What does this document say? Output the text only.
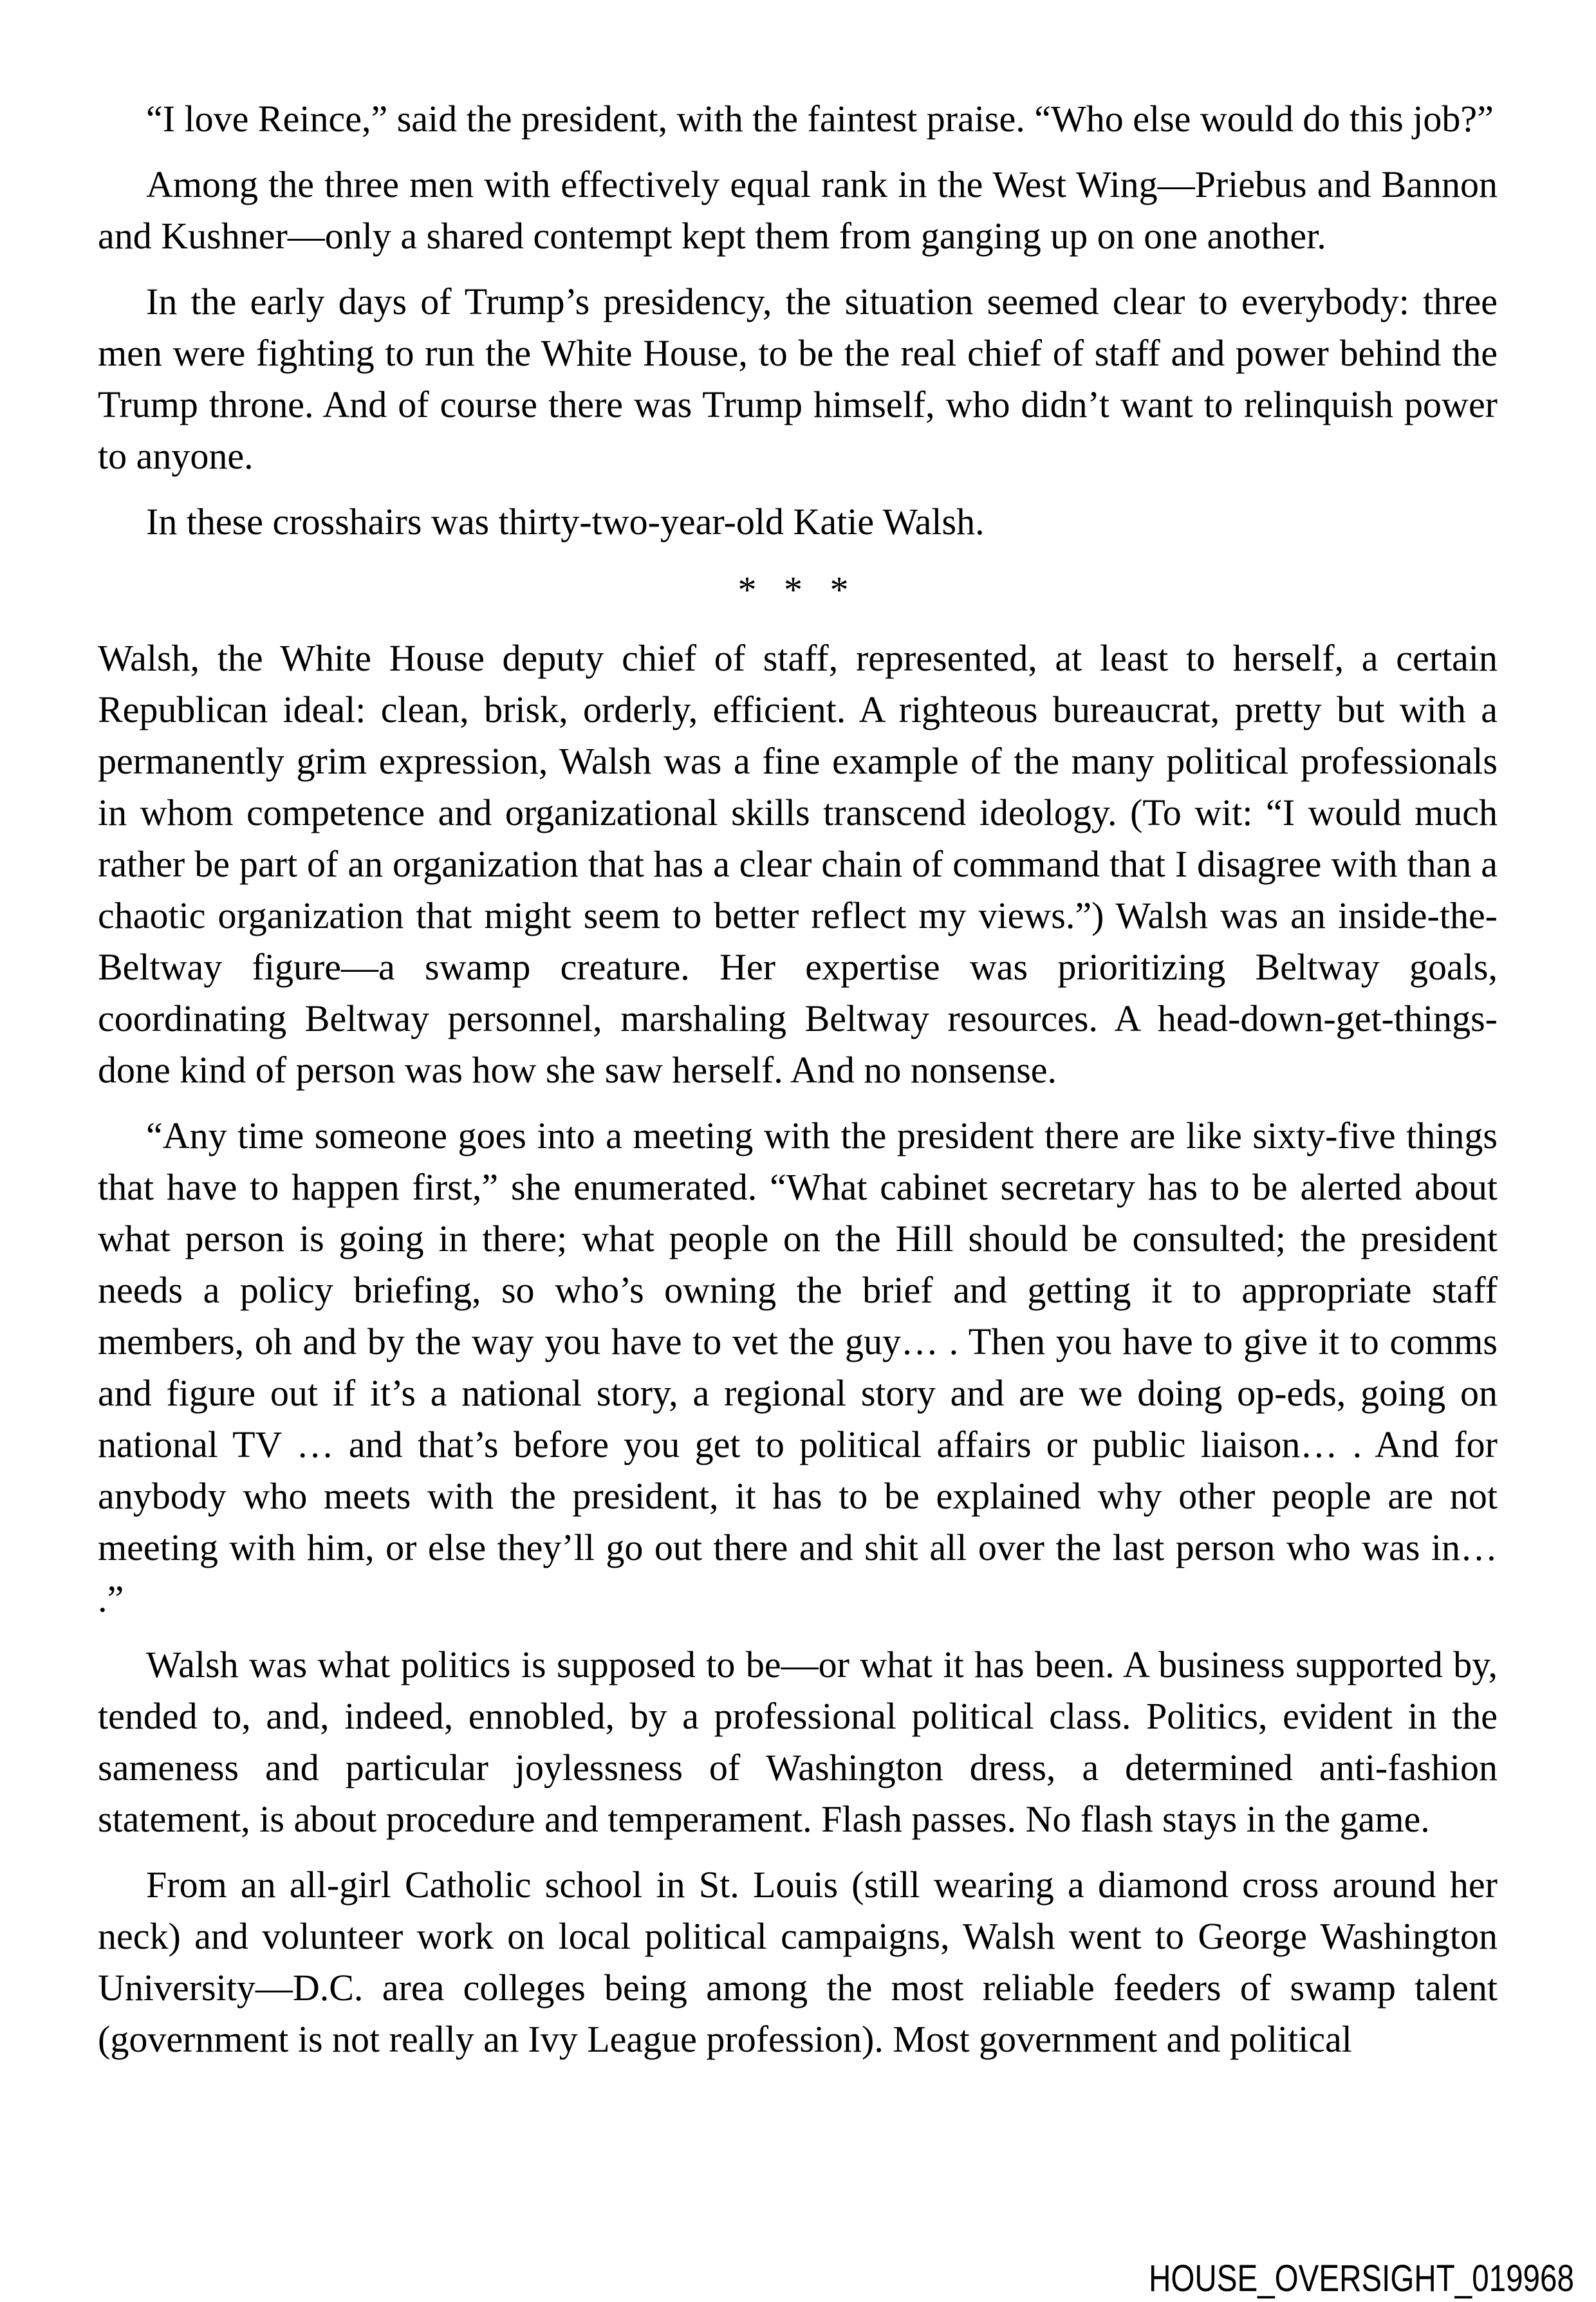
“I love Reince,” said the president, with the faintest praise. “Who else would do this job?”

Among the three men with effectively equal rank in the West Wing—Priebus and Bannon and Kushner—only a shared contempt kept them from ganging up on one another.

In the early days of Trump’s presidency, the situation seemed clear to everybody: three men were fighting to run the White House, to be the real chief of staff and power behind the Trump throne. And of course there was Trump himself, who didn’t want to relinquish power to anyone.

In these crosshairs was thirty-two-year-old Katie Walsh.

* * *

Walsh, the White House deputy chief of staff, represented, at least to herself, a certain Republican ideal: clean, brisk, orderly, efficient. A righteous bureaucrat, pretty but with a permanently grim expression, Walsh was a fine example of the many political professionals in whom competence and organizational skills transcend ideology. (To wit: “I would much rather be part of an organization that has a clear chain of command that I disagree with than a chaotic organization that might seem to better reflect my views.”) Walsh was an inside-the-Beltway figure—a swamp creature. Her expertise was prioritizing Beltway goals, coordinating Beltway personnel, marshaling Beltway resources. A head-down-get-things-done kind of person was how she saw herself. And no nonsense.

“Any time someone goes into a meeting with the president there are like sixty-five things that have to happen first,” she enumerated. “What cabinet secretary has to be alerted about what person is going in there; what people on the Hill should be consulted; the president needs a policy briefing, so who’s owning the brief and getting it to appropriate staff members, oh and by the way you have to vet the guy… . Then you have to give it to comms and figure out if it’s a national story, a regional story and are we doing op-eds, going on national TV … and that’s before you get to political affairs or public liaison… . And for anybody who meets with the president, it has to be explained why other people are not meeting with him, or else they’ll go out there and shit all over the last person who was in… .”

Walsh was what politics is supposed to be—or what it has been. A business supported by, tended to, and, indeed, ennobled, by a professional political class. Politics, evident in the sameness and particular joylessness of Washington dress, a determined anti-fashion statement, is about procedure and temperament. Flash passes. No flash stays in the game.

From an all-girl Catholic school in St. Louis (still wearing a diamond cross around her neck) and volunteer work on local political campaigns, Walsh went to George Washington University—D.C. area colleges being among the most reliable feeders of swamp talent (government is not really an Ivy League profession). Most government and political

HOUSE_OVERSIGHT_019968
